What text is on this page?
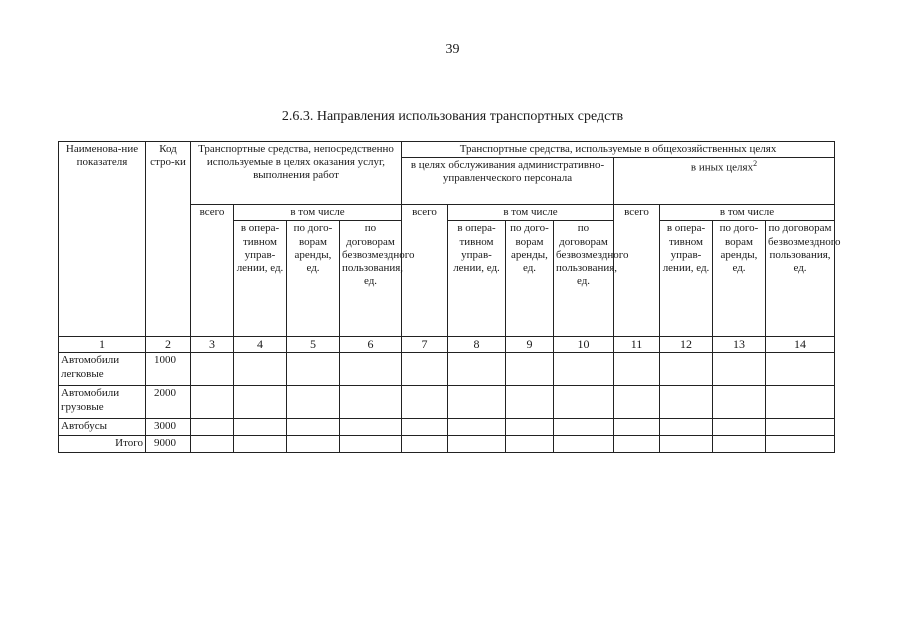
39
2.6.3. Направления использования транспортных средств
Наименова-ние показателя	Код стро-ки	Транспортные средства, непосредственно используемые в целях оказания услуг, выполнения работ				Транспортные средства, используемые в общехозяйственных целях							
						в целях обслуживания административно-управленческого персонала				в иных целях$^2$
		всего	в том числе			всего	в том числе			всего	в том числе		
			в опера-тивном управ-лении, ед.	по дого-ворам аренды, ед.	по договорам безвозмездного пользования, ед.		в опера-тивном управ-лении, ед.	по дого-ворам аренды, ед.	по договорам безвозмездного пользования, ед.		в опера-тивном управ-лении, ед.	по дого-ворам аренды, ед.	по договорам безвозмездного пользования, ед.
1	2	3	4	5	6	7	8	9	10	11	12	13	14
Автомобили легковые	1000												
Автомобили грузовые	2000												
Автобусы	3000												
Итого	9000												
